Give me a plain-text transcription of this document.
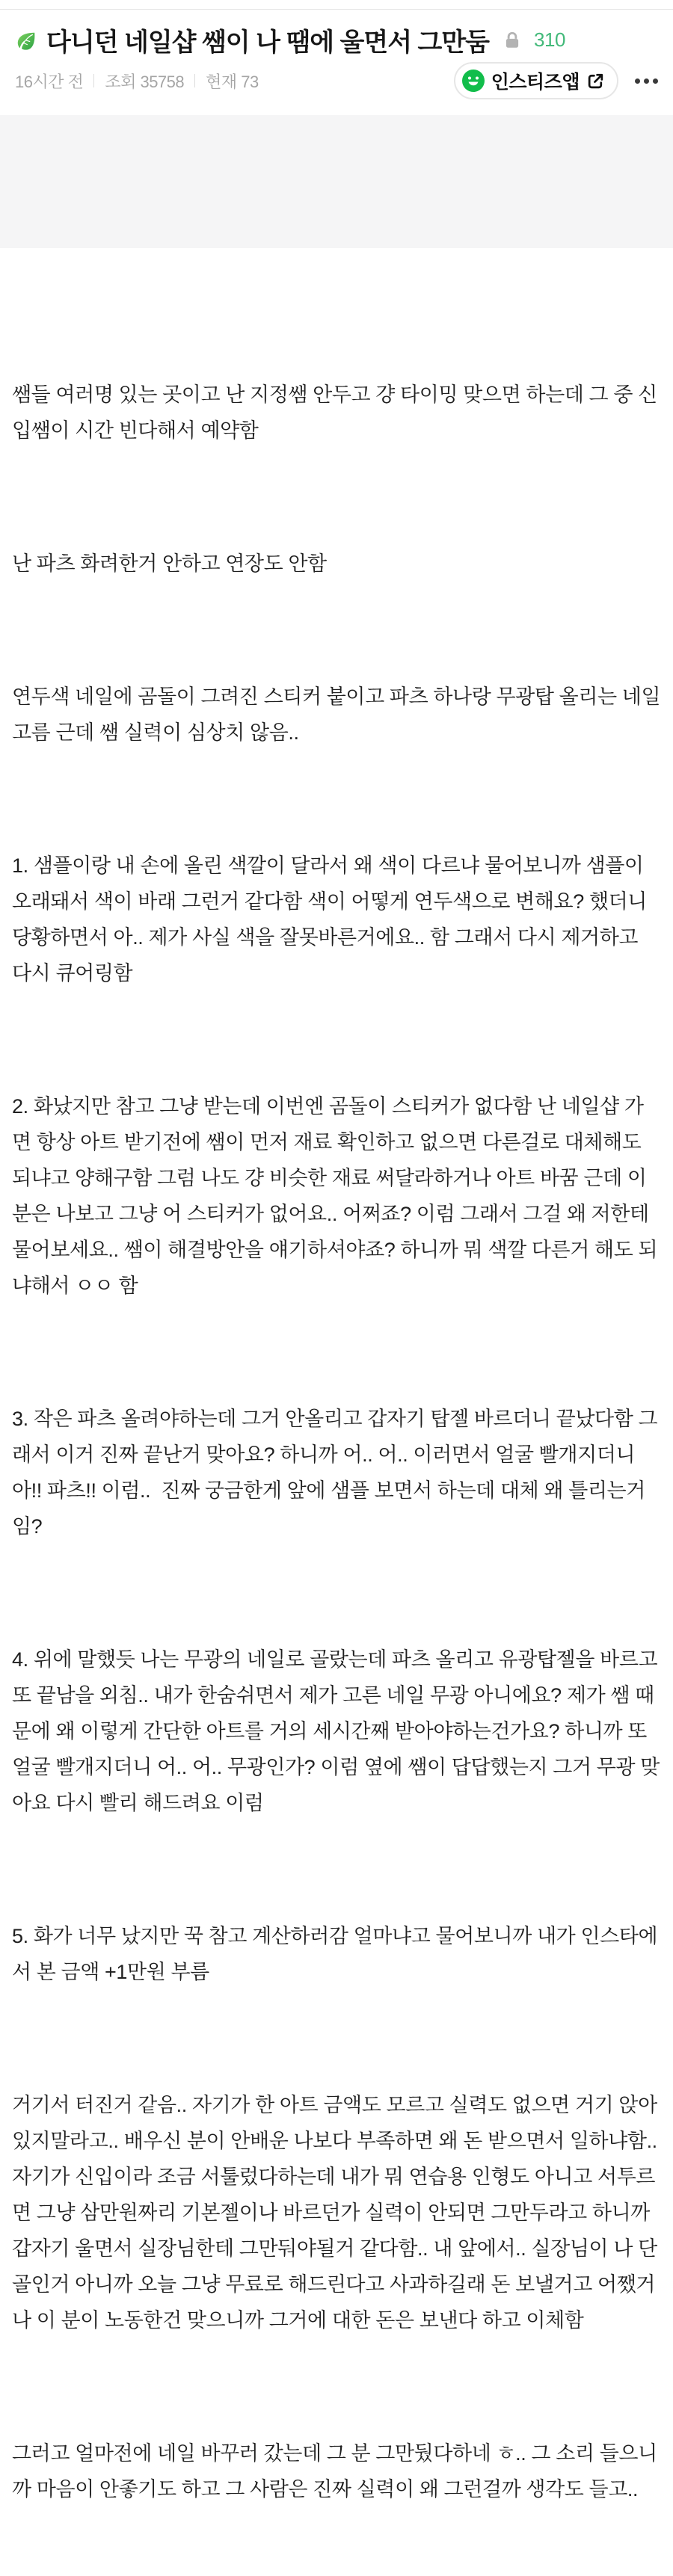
다니던 네일샵 쌤이 나 땜에 울면서 그만둠 310
16시간 전 조회 35758 현재 73	인스티즈앱

쌤들 여러명 있는 곳이고 난 지정쌤 안두고 걍 타이밍 맞으면 하는데 그 중 신입쌤이 시간 빈다해서 예약함

난 파츠 화려한거 안하고 연장도 안함

연두색 네일에 곰돌이 그려진 스티커 붙이고 파츠 하나랑 무광탑 올리는 네일 고름 근데 쌤 실력이 심상치 않음..

1. 샘플이랑 내 손에 올린 색깔이 달라서 왜 색이 다르냐 물어보니까 샘플이 오래돼서 색이 바래 그런거 같다함 색이 어떻게 연두색으로 변해요? 했더니 당황하면서 아.. 제가 사실 색을 잘못바른거에요.. 함 그래서 다시 제거하고 다시 큐어링함

2. 화났지만 참고 그냥 받는데 이번엔 곰돌이 스티커가 없다함 난 네일샵 가면 항상 아트 받기전에 쌤이 먼저 재료 확인하고 없으면 다른걸로 대체해도 되냐고 양해구함 그럼 나도 걍 비슷한 재료 써달라하거나 아트 바꿈 근데 이분은 나보고 그냥 어 스티커가 없어요.. 어쩌죠? 이럼 그래서 그걸 왜 저한테 물어보세요.. 쌤이 해결방안을 얘기하셔야죠? 하니까 뭐 색깔 다른거 해도 되냐해서 ㅇㅇ 함

3. 작은 파츠 올려야하는데 그거 안올리고 갑자기 탑젤 바르더니 끝났다함 그래서 이거 진짜 끝난거 맞아요? 하니까 어.. 어.. 이러면서 얼굴 빨개지더니 아!! 파츠!! 이럼..  진짜 궁금한게 앞에 샘플 보면서 하는데 대체 왜 틀리는거임?

4. 위에 말했듯 나는 무광의 네일로 골랐는데 파츠 올리고 유광탑젤을 바르고 또 끝남을 외침.. 내가 한숨쉬면서 제가 고른 네일 무광 아니에요? 제가 쌤 때문에 왜 이렇게 간단한 아트를 거의 세시간째 받아야하는건가요? 하니까 또 얼굴 빨개지더니 어.. 어.. 무광인가? 이럼 옆에 쌤이 답답했는지 그거 무광 맞아요 다시 빨리 해드려요 이럼

5. 화가 너무 났지만 꾹 참고 계산하러감 얼마냐고 물어보니까 내가 인스타에서 본 금액 +1만원 부름

거기서 터진거 같음.. 자기가 한 아트 금액도 모르고 실력도 없으면 거기 앉아있지말라고.. 배우신 분이 안배운 나보다 부족하면 왜 돈 받으면서 일하냐함.. 자기가 신입이라 조금 서툴렀다하는데 내가 뭐 연습용 인형도 아니고 서투르면 그냥 삼만원짜리 기본젤이나 바르던가 실력이 안되면 그만두라고 하니까 갑자기 울면서 실장님한테 그만둬야될거 같다함.. 내 앞에서.. 실장님이 나 단골인거 아니까 오늘 그냥 무료로 해드린다고 사과하길래 돈 보낼거고 어쨌거나 이 분이 노동한건 맞으니까 그거에 대한 돈은 보낸다 하고 이체함

그러고 얼마전에 네일 바꾸러 갔는데 그 분 그만뒀다하네 ㅎ.. 그 소리 들으니까 마음이 안좋기도 하고 그 사람은 진짜 실력이 왜 그런걸까 생각도 들고..
